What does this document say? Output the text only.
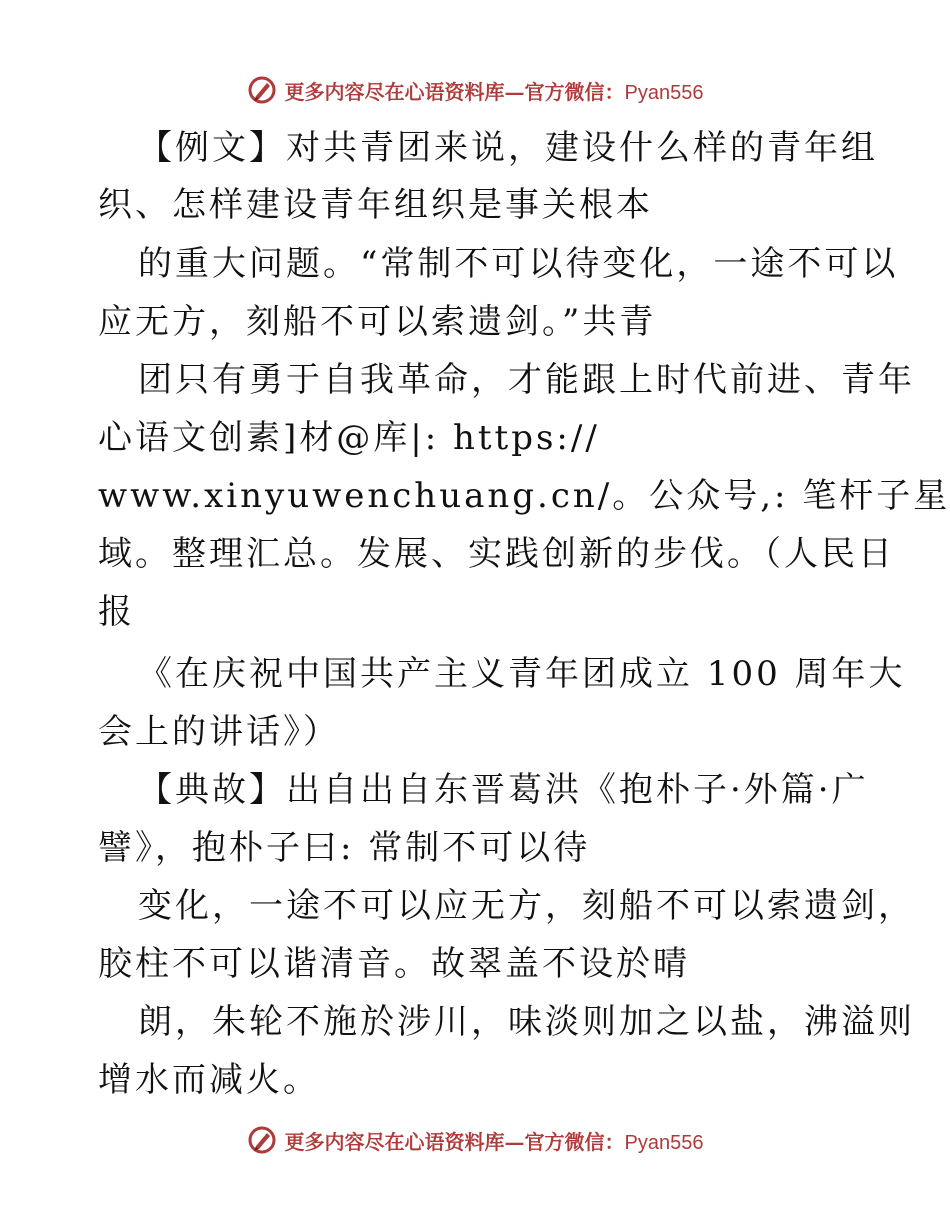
更多内容尽在心语资料库—官方微信：Pyan556
【例文】对共青团来说，建设什么样的青年组
织、怎样建设青年组织是事关根本
的重大问题。“常制不可以待变化，一途不可以
应无方，刻船不可以索遗剑。”共青
团只有勇于自我革命，才能跟上时代前进、青年
心语文创素]材@库|: https://
www.xinyuwenchuang.cn/。公众号,: 笔杆子星
域。整理汇总。发展、实践创新的步伐。（人民日
报
《在庆祝中国共产主义青年团成立 100 周年大
会上的讲话》）
【典故】出自出自东晋葛洪《抱朴子·外篇·广
譬》，抱朴子曰: 常制不可以待
变化，一途不可以应无方，刻船不可以索遗剑，
胶柱不可以谐清音。故翠盖不设於晴
朗，朱轮不施於涉川，味淡则加之以盐，沸溢则
增水而减火。
更多内容尽在心语资料库—官方微信：Pyan556
